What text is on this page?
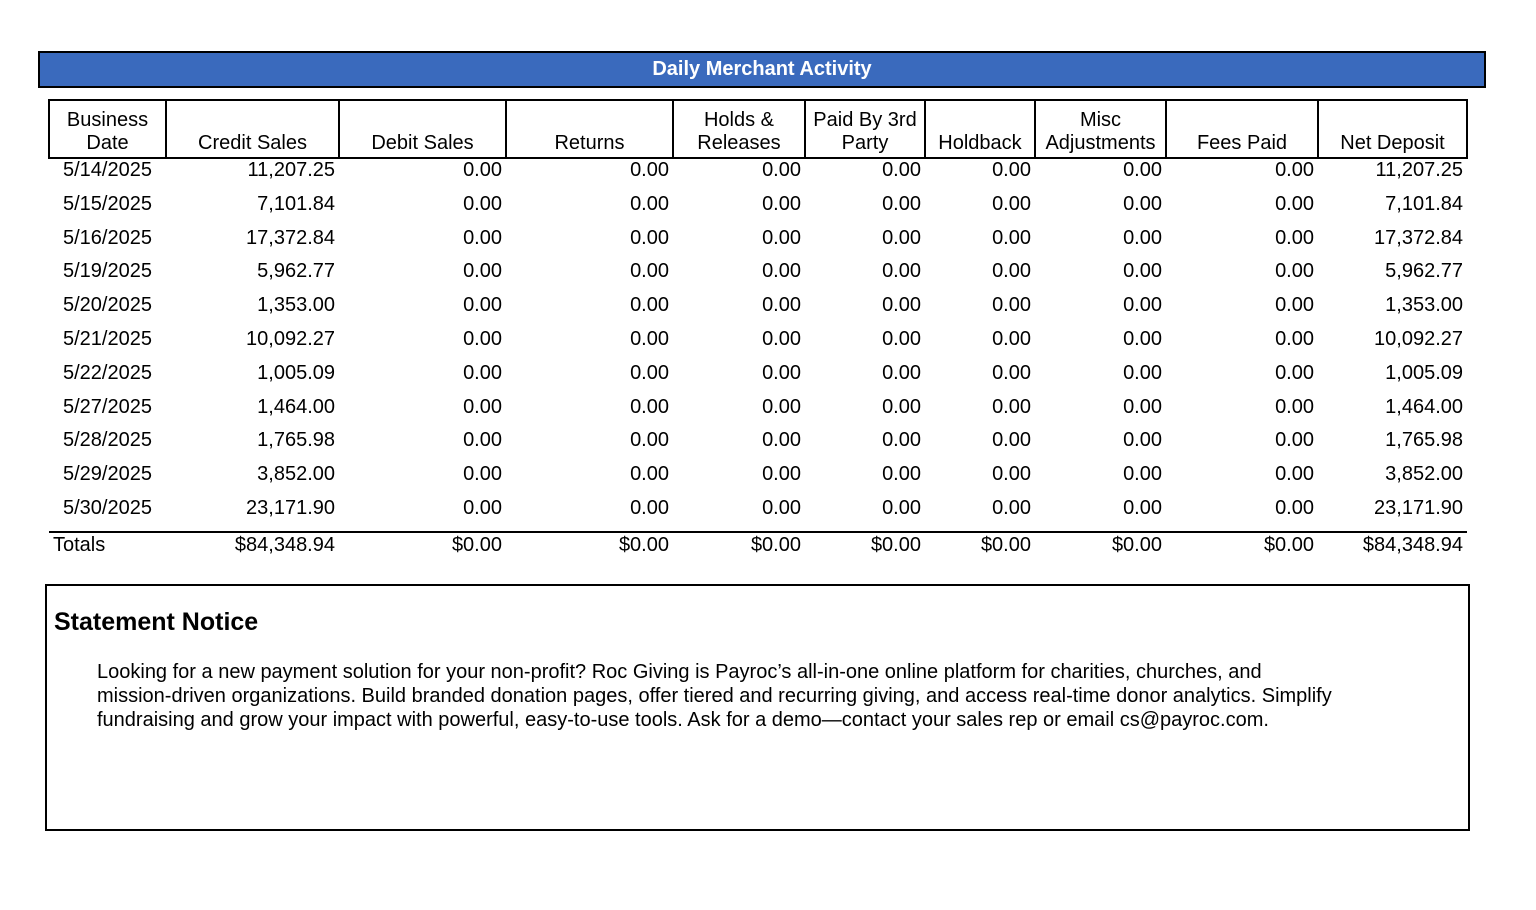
Daily Merchant Activity
Business Date	Credit Sales	Debit Sales	Returns	Holds & Releases	Paid By 3rd Party	Holdback	Misc Adjustments	Fees Paid	Net Deposit
5/14/2025	11,207.25	0.00	0.00	0.00	0.00	0.00	0.00	0.00	11,207.25
5/15/2025	7,101.84	0.00	0.00	0.00	0.00	0.00	0.00	0.00	7,101.84
5/16/2025	17,372.84	0.00	0.00	0.00	0.00	0.00	0.00	0.00	17,372.84
5/19/2025	5,962.77	0.00	0.00	0.00	0.00	0.00	0.00	0.00	5,962.77
5/20/2025	1,353.00	0.00	0.00	0.00	0.00	0.00	0.00	0.00	1,353.00
5/21/2025	10,092.27	0.00	0.00	0.00	0.00	0.00	0.00	0.00	10,092.27
5/22/2025	1,005.09	0.00	0.00	0.00	0.00	0.00	0.00	0.00	1,005.09
5/27/2025	1,464.00	0.00	0.00	0.00	0.00	0.00	0.00	0.00	1,464.00
5/28/2025	1,765.98	0.00	0.00	0.00	0.00	0.00	0.00	0.00	1,765.98
5/29/2025	3,852.00	0.00	0.00	0.00	0.00	0.00	0.00	0.00	3,852.00
5/30/2025	23,171.90	0.00	0.00	0.00	0.00	0.00	0.00	0.00	23,171.90
Totals	$84,348.94	$0.00	$0.00	$0.00	$0.00	$0.00	$0.00	$0.00	$84,348.94
Statement Notice
Looking for a new payment solution for your non-profit? Roc Giving is Payroc’s all-in-one online platform for charities, churches, and mission-driven organizations. Build branded donation pages, offer tiered and recurring giving, and access real-time donor analytics. Simplify fundraising and grow your impact with powerful, easy-to-use tools. Ask for a demo—contact your sales rep or email cs@payroc.com.
